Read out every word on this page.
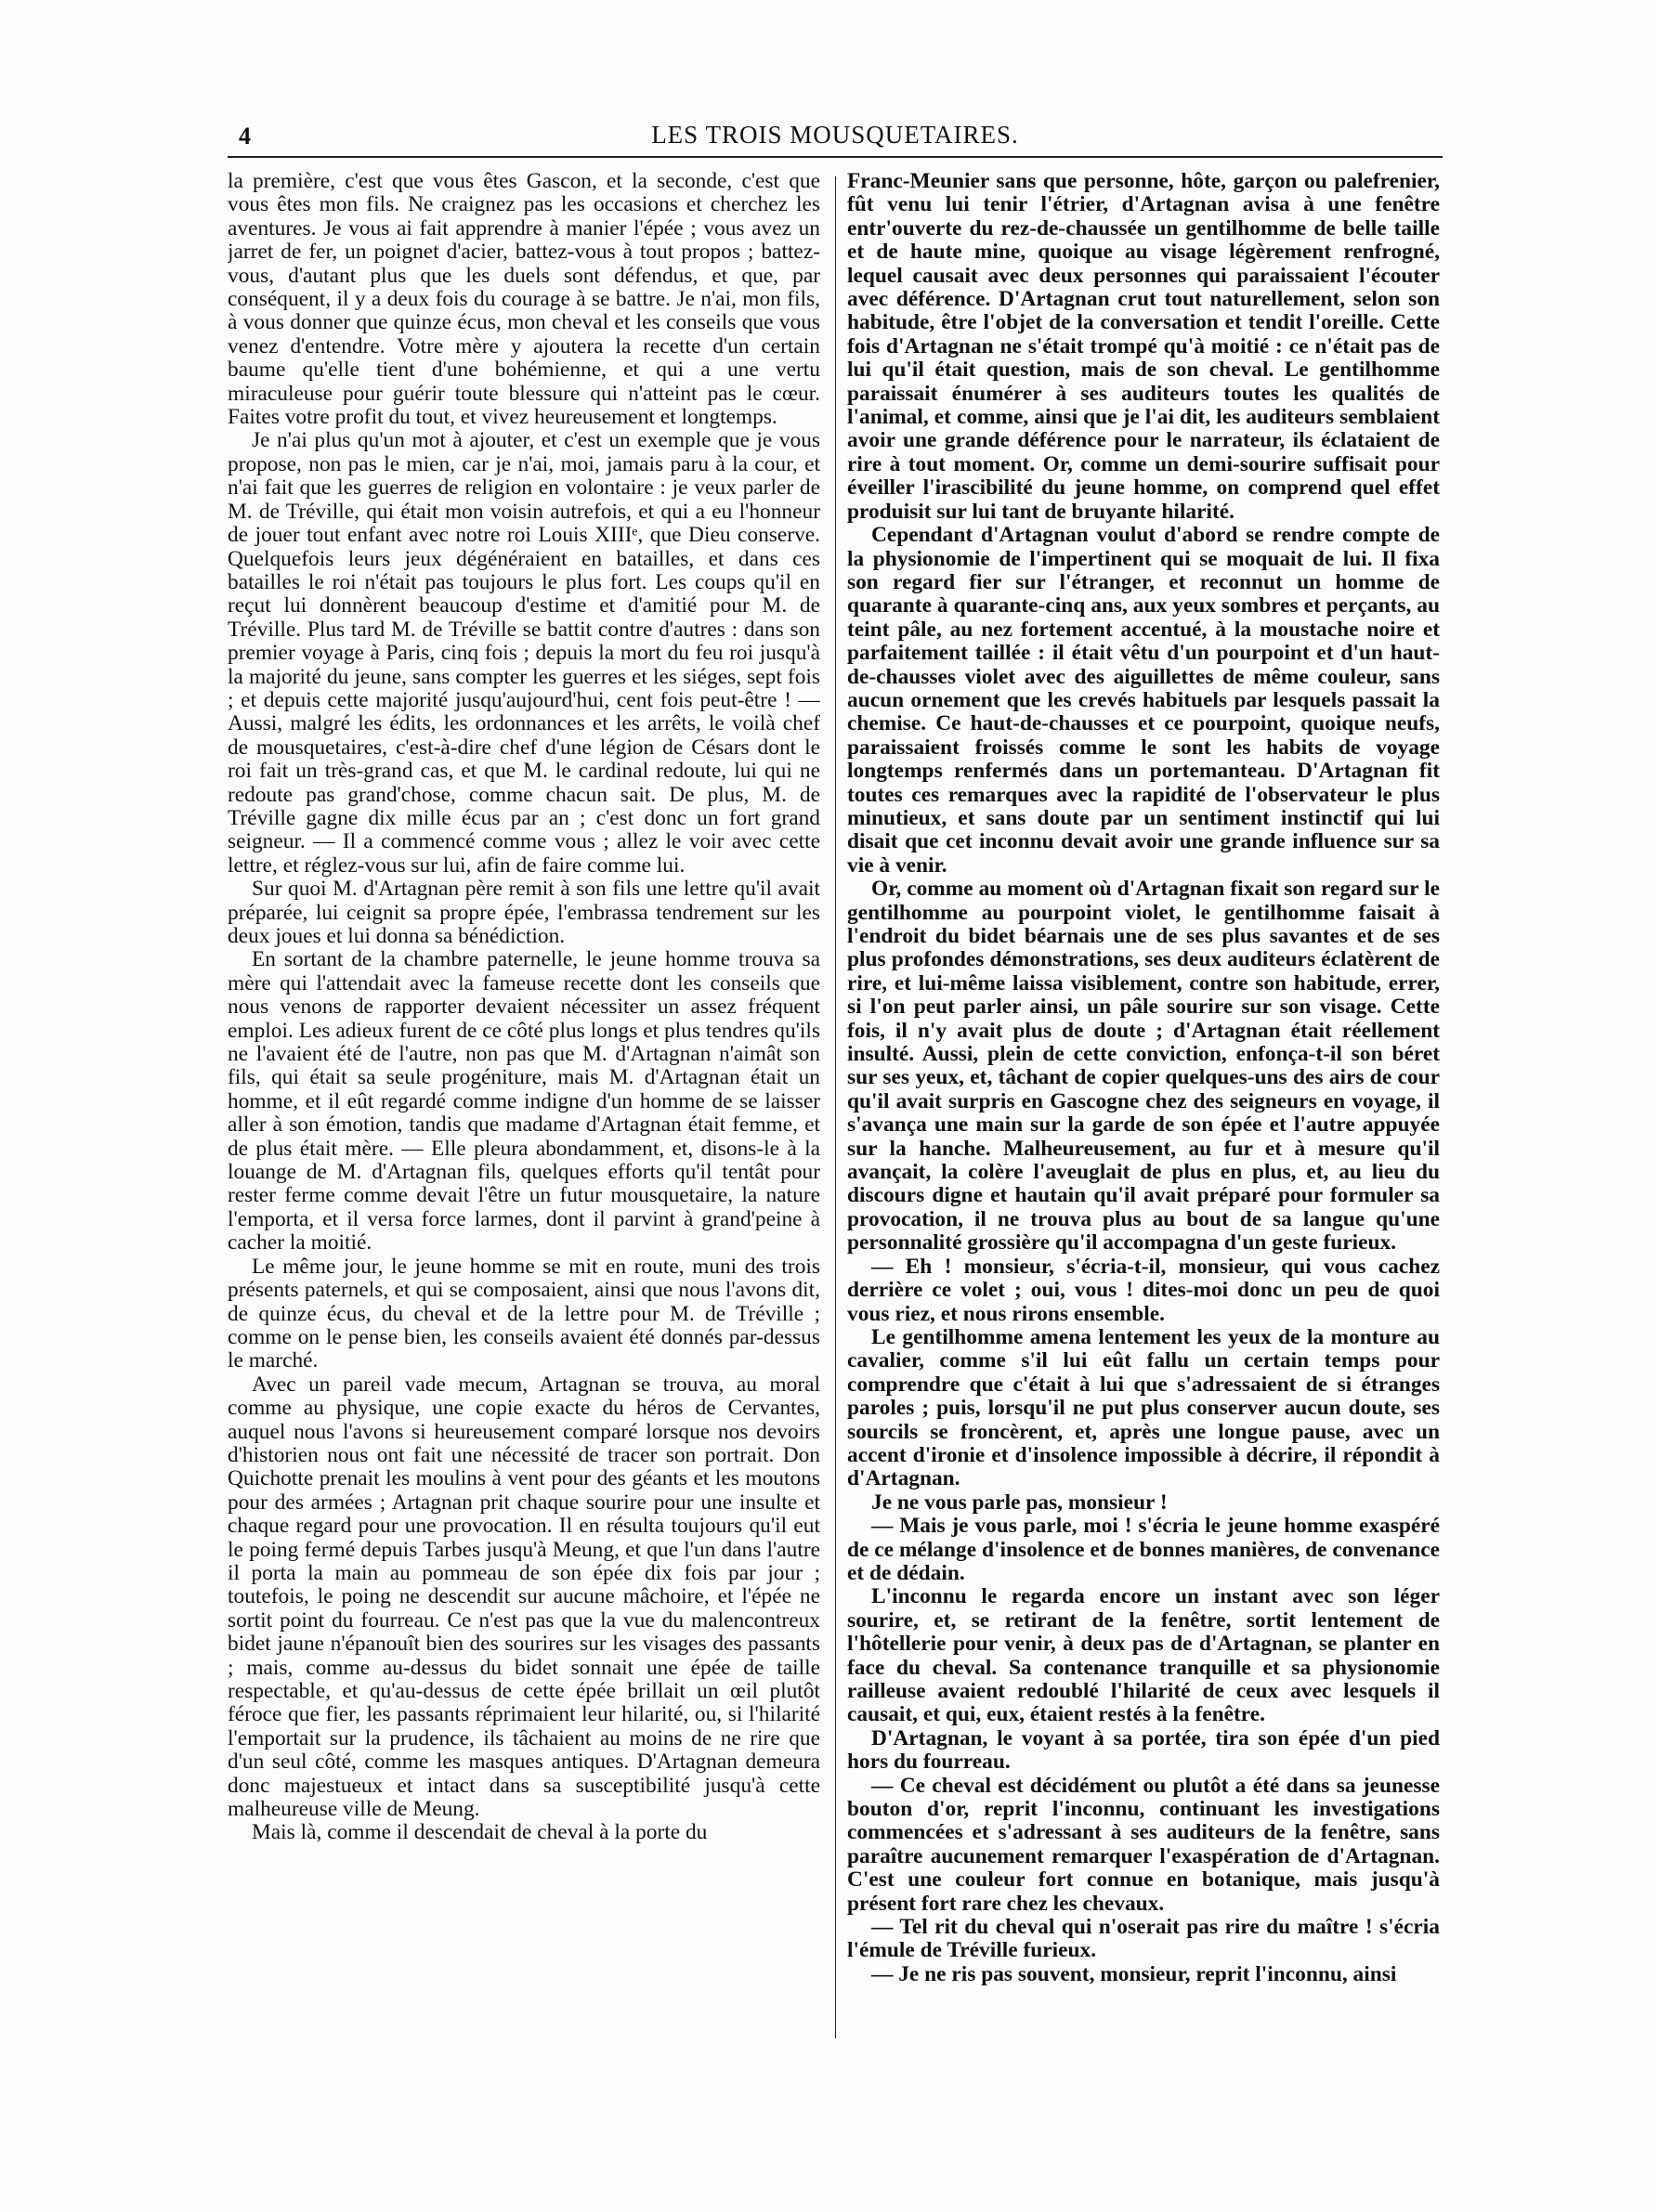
4	LES TROIS MOUSQUETAIRES.

la première, c'est que vous êtes Gascon, et la seconde, c'est que vous êtes mon fils. Ne craignez pas les occasions et cherchez les aventures. Je vous ai fait apprendre à manier l'épée ; vous avez un jarret de fer, un poignet d'acier, battez-vous à tout propos ; battez-vous, d'autant plus que les duels sont défendus, et que, par conséquent, il y a deux fois du courage à se battre. Je n'ai, mon fils, à vous donner que quinze écus, mon cheval et les conseils que vous venez d'entendre. Votre mère y ajoutera la recette d'un certain baume qu'elle tient d'une bohémienne, et qui a une vertu miraculeuse pour guérir toute blessure qui n'atteint pas le cœur. Faites votre profit du tout, et vivez heureusement et longtemps.

Je n'ai plus qu'un mot à ajouter, et c'est un exemple que je vous propose, non pas le mien, car je n'ai, moi, jamais paru à la cour, et n'ai fait que les guerres de religion en volontaire : je veux parler de M. de Tréville, qui était mon voisin autrefois, et qui a eu l'honneur de jouer tout enfant avec notre roi Louis XIIIᵉ, que Dieu conserve. Quelquefois leurs jeux dégénéraient en batailles, et dans ces batailles le roi n'était pas toujours le plus fort. Les coups qu'il en reçut lui donnèrent beaucoup d'estime et d'amitié pour M. de Tréville. Plus tard M. de Tréville se battit contre d'autres : dans son premier voyage à Paris, cinq fois ; depuis la mort du feu roi jusqu'à la majorité du jeune, sans compter les guerres et les siéges, sept fois ; et depuis cette majorité jusqu'aujourd'hui, cent fois peut-être ! — Aussi, malgré les édits, les ordonnances et les arrêts, le voilà chef de mousquetaires, c'est-à-dire chef d'une légion de Césars dont le roi fait un très-grand cas, et que M. le cardinal redoute, lui qui ne redoute pas grand'chose, comme chacun sait. De plus, M. de Tréville gagne dix mille écus par an ; c'est donc un fort grand seigneur. — Il a commencé comme vous ; allez le voir avec cette lettre, et réglez-vous sur lui, afin de faire comme lui.

Sur quoi M. d'Artagnan père remit à son fils une lettre qu'il avait préparée, lui ceignit sa propre épée, l'embrassa tendrement sur les deux joues et lui donna sa bénédiction.

En sortant de la chambre paternelle, le jeune homme trouva sa mère qui l'attendait avec la fameuse recette dont les conseils que nous venons de rapporter devaient nécessiter un assez fréquent emploi. Les adieux furent de ce côté plus longs et plus tendres qu'ils ne l'avaient été de l'autre, non pas que M. d'Artagnan n'aimât son fils, qui était sa seule progéniture, mais M. d'Artagnan était un homme, et il eût regardé comme indigne d'un homme de se laisser aller à son émotion, tandis que madame d'Artagnan était femme, et de plus était mère. — Elle pleura abondamment, et, disons-le à la louange de M. d'Artagnan fils, quelques efforts qu'il tentât pour rester ferme comme devait l'être un futur mousquetaire, la nature l'emporta, et il versa force larmes, dont il parvint à grand'peine à cacher la moitié.

Le même jour, le jeune homme se mit en route, muni des trois présents paternels, et qui se composaient, ainsi que nous l'avons dit, de quinze écus, du cheval et de la lettre pour M. de Tréville ; comme on le pense bien, les conseils avaient été donnés par-dessus le marché.

Avec un pareil vade mecum, Artagnan se trouva, au moral comme au physique, une copie exacte du héros de Cervantes, auquel nous l'avons si heureusement comparé lorsque nos devoirs d'historien nous ont fait une nécessité de tracer son portrait. Don Quichotte prenait les moulins à vent pour des géants et les moutons pour des armées ; Artagnan prit chaque sourire pour une insulte et chaque regard pour une provocation. Il en résulta toujours qu'il eut le poing fermé depuis Tarbes jusqu'à Meung, et que l'un dans l'autre il porta la main au pommeau de son épée dix fois par jour ; toutefois, le poing ne descendit sur aucune mâchoire, et l'épée ne sortit point du fourreau. Ce n'est pas que la vue du malencontreux bidet jaune n'épanouît bien des sourires sur les visages des passants ; mais, comme au-dessus du bidet sonnait une épée de taille respectable, et qu'au-dessus de cette épée brillait un œil plutôt féroce que fier, les passants réprimaient leur hilarité, ou, si l'hilarité l'emportait sur la prudence, ils tâchaient au moins de ne rire que d'un seul côté, comme les masques antiques. D'Artagnan demeura donc majestueux et intact dans sa susceptibilité jusqu'à cette malheureuse ville de Meung.

Mais là, comme il descendait de cheval à la porte du

Franc-Meunier sans que personne, hôte, garçon ou palefrenier, fût venu lui tenir l'étrier, d'Artagnan avisa à une fenêtre entr'ouverte du rez-de-chaussée un gentilhomme de belle taille et de haute mine, quoique au visage légèrement renfrogné, lequel causait avec deux personnes qui paraissaient l'écouter avec déférence. D'Artagnan crut tout naturellement, selon son habitude, être l'objet de la conversation et tendit l'oreille. Cette fois d'Artagnan ne s'était trompé qu'à moitié : ce n'était pas de lui qu'il était question, mais de son cheval. Le gentilhomme paraissait énumérer à ses auditeurs toutes les qualités de l'animal, et comme, ainsi que je l'ai dit, les auditeurs semblaient avoir une grande déférence pour le narrateur, ils éclataient de rire à tout moment. Or, comme un demi-sourire suffisait pour éveiller l'irascibilité du jeune homme, on comprend quel effet produisit sur lui tant de bruyante hilarité.

Cependant d'Artagnan voulut d'abord se rendre compte de la physionomie de l'impertinent qui se moquait de lui. Il fixa son regard fier sur l'étranger, et reconnut un homme de quarante à quarante-cinq ans, aux yeux sombres et perçants, au teint pâle, au nez fortement accentué, à la moustache noire et parfaitement taillée : il était vêtu d'un pourpoint et d'un haut-de-chausses violet avec des aiguillettes de même couleur, sans aucun ornement que les crevés habituels par lesquels passait la chemise. Ce haut-de-chausses et ce pourpoint, quoique neufs, paraissaient froissés comme le sont les habits de voyage longtemps renfermés dans un portemanteau. D'Artagnan fit toutes ces remarques avec la rapidité de l'observateur le plus minutieux, et sans doute par un sentiment instinctif qui lui disait que cet inconnu devait avoir une grande influence sur sa vie à venir.

Or, comme au moment où d'Artagnan fixait son regard sur le gentilhomme au pourpoint violet, le gentilhomme faisait à l'endroit du bidet béarnais une de ses plus savantes et de ses plus profondes démonstrations, ses deux auditeurs éclatèrent de rire, et lui-même laissa visiblement, contre son habitude, errer, si l'on peut parler ainsi, un pâle sourire sur son visage. Cette fois, il n'y avait plus de doute ; d'Artagnan était réellement insulté. Aussi, plein de cette conviction, enfonça-t-il son béret sur ses yeux, et, tâchant de copier quelques-uns des airs de cour qu'il avait surpris en Gascogne chez des seigneurs en voyage, il s'avança une main sur la garde de son épée et l'autre appuyée sur la hanche. Malheureusement, au fur et à mesure qu'il avançait, la colère l'aveuglait de plus en plus, et, au lieu du discours digne et hautain qu'il avait préparé pour formuler sa provocation, il ne trouva plus au bout de sa langue qu'une personnalité grossière qu'il accompagna d'un geste furieux.

— Eh ! monsieur, s'écria-t-il, monsieur, qui vous cachez derrière ce volet ; oui, vous ! dites-moi donc un peu de quoi vous riez, et nous rirons ensemble.

Le gentilhomme amena lentement les yeux de la monture au cavalier, comme s'il lui eût fallu un certain temps pour comprendre que c'était à lui que s'adressaient de si étranges paroles ; puis, lorsqu'il ne put plus conserver aucun doute, ses sourcils se froncèrent, et, après une longue pause, avec un accent d'ironie et d'insolence impossible à décrire, il répondit à d'Artagnan.

Je ne vous parle pas, monsieur !

— Mais je vous parle, moi ! s'écria le jeune homme exaspéré de ce mélange d'insolence et de bonnes manières, de convenance et de dédain.

L'inconnu le regarda encore un instant avec son léger sourire, et, se retirant de la fenêtre, sortit lentement de l'hôtellerie pour venir, à deux pas de d'Artagnan, se planter en face du cheval. Sa contenance tranquille et sa physionomie railleuse avaient redoublé l'hilarité de ceux avec lesquels il causait, et qui, eux, étaient restés à la fenêtre.

D'Artagnan, le voyant à sa portée, tira son épée d'un pied hors du fourreau.

— Ce cheval est décidément ou plutôt a été dans sa jeunesse bouton d'or, reprit l'inconnu, continuant les investigations commencées et s'adressant à ses auditeurs de la fenêtre, sans paraître aucunement remarquer l'exaspération de d'Artagnan. C'est une couleur fort connue en botanique, mais jusqu'à présent fort rare chez les chevaux.

— Tel rit du cheval qui n'oserait pas rire du maître ! s'écria l'émule de Tréville furieux.

— Je ne ris pas souvent, monsieur, reprit l'inconnu, ainsi
